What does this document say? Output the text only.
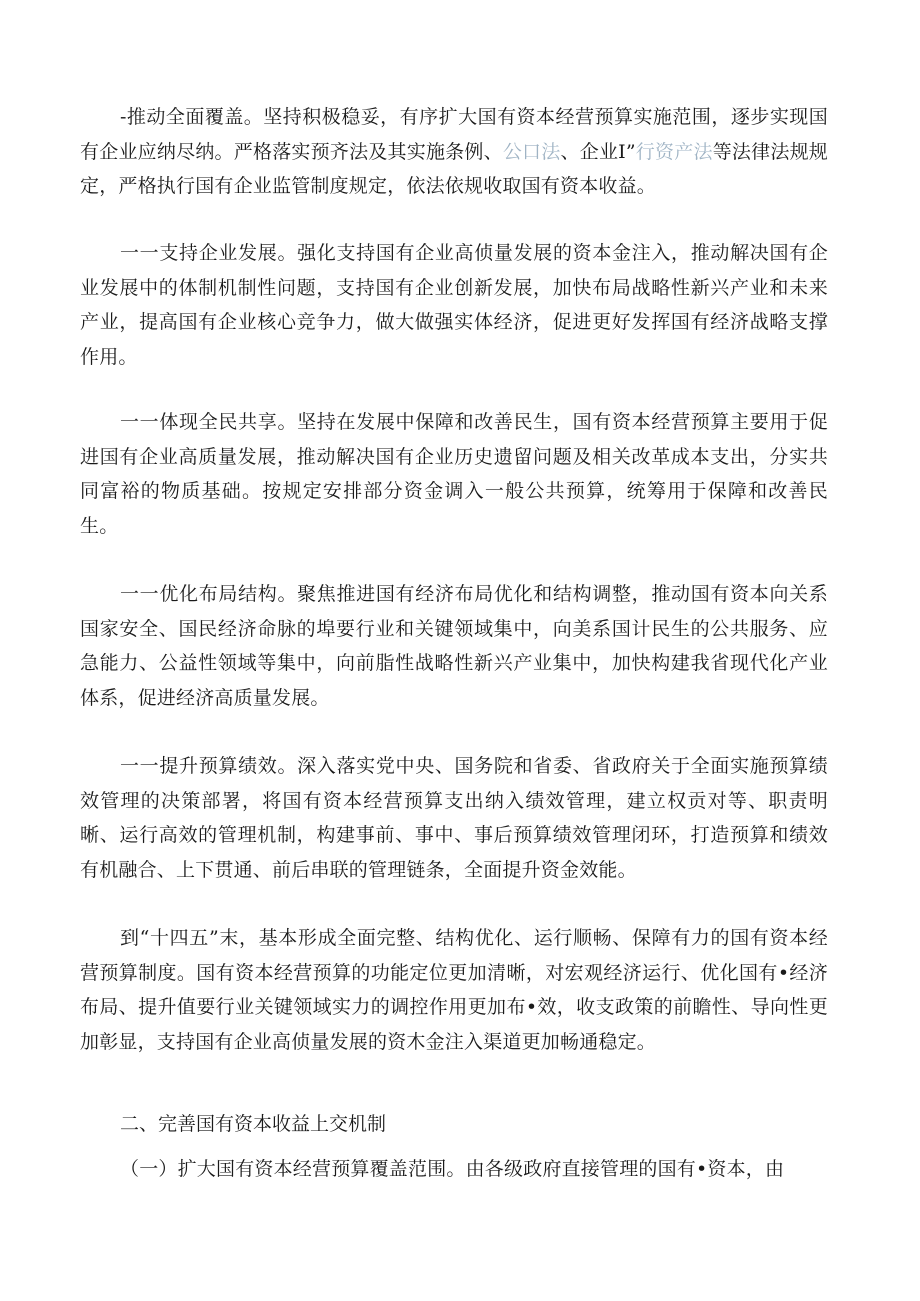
-推动全面覆盖。坚持积极稳妥，有序扩大国有资本经营预算实施范围，逐步实现国有企业应纳尽纳。严格落实预齐法及其实施条例、公口法、企业I”行资产法等法律法规规定，严格执行国有企业监管制度规定，依法依规收取国有资本收益。

一一支持企业发展。强化支持国有企业高侦量发展的资本金注入，推动解决国有企业发展中的体制机制性问题，支持国有企业创新发展，加快布局战略性新兴产业和未来产业，提高国有企业核心竞争力，做大做强实体经济，促进更好发挥国有经济战略支撑作用。

一一体现全民共享。坚持在发展中保障和改善民生，国有资本经营预算主要用于促进国有企业高质量发展，推动解决国有企业历史遗留问题及相关改革成本支出，分实共同富裕的物质基础。按规定安排部分资金调入一般公共预算，统筹用于保障和改善民生。

一一优化布局结构。聚焦推进国有经济布局优化和结构调整，推动国有资本向关系国家安全、国民经济命脉的埠要行业和关键领域集中，向美系国计民生的公共服务、应急能力、公益性领域等集中，向前脂性战略性新兴产业集中，加快构建我省现代化产业体系，促进经济高质量发展。

一一提升预算绩效。深入落实党中央、国务院和省委、省政府关于全面实施预算绩效管理的决策部署，将国有资本经营预算支出纳入绩效管理，建立权贡对等、职责明晰、运行高效的管理机制，构建事前、事中、事后预算绩效管理闭环，打造预算和绩效有机融合、上下贯通、前后串联的管理链条，全面提升资金效能。

到“十四五”末，基本形成全面完整、结构优化、运行顺畅、保障有力的国有资本经营预算制度。国有资本经营预算的功能定位更加清晰，对宏观经济运行、优化国有•经济布局、提升值要行业关键领域实力的调控作用更加布•效，收支政策的前瞻性、导向性更加彰显，支持国有企业高侦量发展的资木金注入渠道更加畅通稳定。

二、完善国有资本收益上交机制

（一）扩大国有资本经营预算覆盖范围。由各级政府直接管理的国有•资本，由
